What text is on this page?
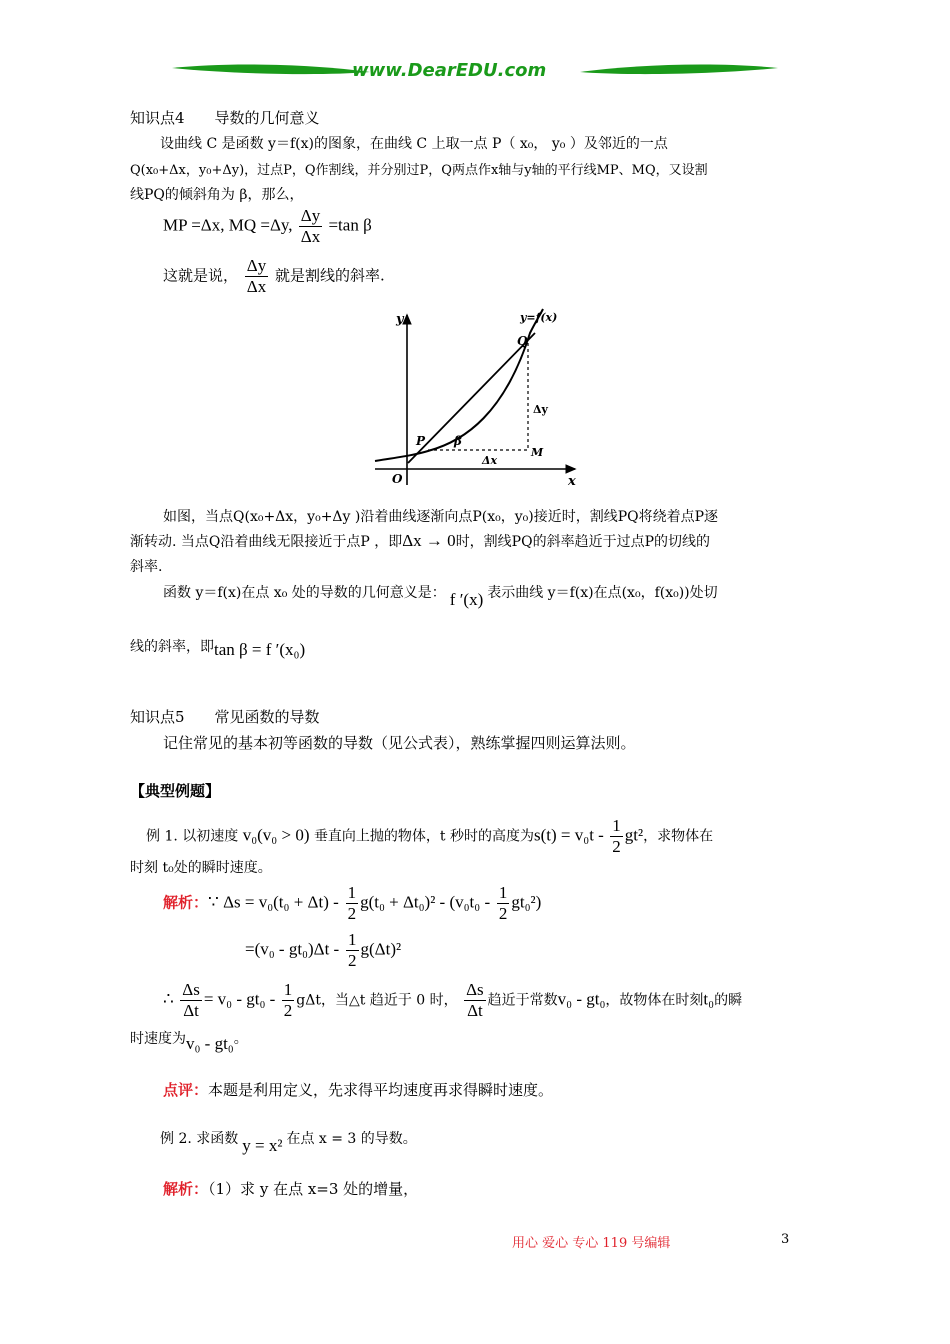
www.DearEDU.com
知识点4　　导数的几何意义
设曲线 C 是函数 y＝f(x)的图象，在曲线 C 上取一点 P（ x₀， y₀ ）及邻近的一点
Q(x₀+Δx，y₀+Δy)，过点P，Q作割线，并分别过P，Q两点作x轴与y轴的平行线MP、MQ，又设割
线PQ的倾斜角为 β，那么，
MP =Δx, MQ =Δy, $\frac{\Delta y}{\Delta x} =\tan$ β
这就是说， $\frac{\Delta y}{\Delta x}$ 就是割线的斜率.
y
x
O
y=f(x)
Q
P
M
β
Δy
Δx
如图，当点Q(x₀+Δx，y₀+Δy )沿着曲线逐渐向点P(x₀，y₀)接近时，割线PQ将绕着点P逐
渐转动. 当点Q沿着曲线无限接近于点P ，即Δx → 0时，割线PQ的斜率趋近于过点P的切线的
斜率.
函数 y＝f(x)在点 x₀ 处的导数的几何意义是： f ′(x) 表示曲线 y＝f(x)在点(x₀，f(x₀))处切
线的斜率，即tan β = f ′(x₀)
知识点5　　常见函数的导数
记住常见的基本初等函数的导数（见公式表），熟练掌握四则运算法则。
【典型例题】
例 1. 以初速度 v₀(v₀ > 0) 垂直向上抛的物体，t 秒时的高度为$s(t) = v_0t - \frac{1}{2} gt^2$，求物体在
时刻 t₀处的瞬时速度。
解析：∵ $\Delta s = v_0(t_0 + \Delta t) - \frac{1}{2} g(t_0 + \Delta t_0)^2 - (v_0t_0 - \frac{1}{2} gt_0^2)$
$=(v_0 - gt_0)\Delta t - \frac{1}{2} g(\Delta t)^2$
∴ $\frac{\Delta s}{\Delta t} = v_0 - gt_0 - \frac{1}{2}$ gΔt，当△t 趋近于 0 时， $\frac{\Delta s}{\Delta t}$ 趋近于常数v₀ - gt₀，故物体在时刻t₀的瞬
时速度为v₀ - gt₀。
点评：本题是利用定义，先求得平均速度再求得瞬时速度。
例 2. 求函数 y = x² 在点 x = 3 的导数。
解析：（1）求 y 在点 x=3 处的增量，
用心 爱心 专心 119 号编辑	3
